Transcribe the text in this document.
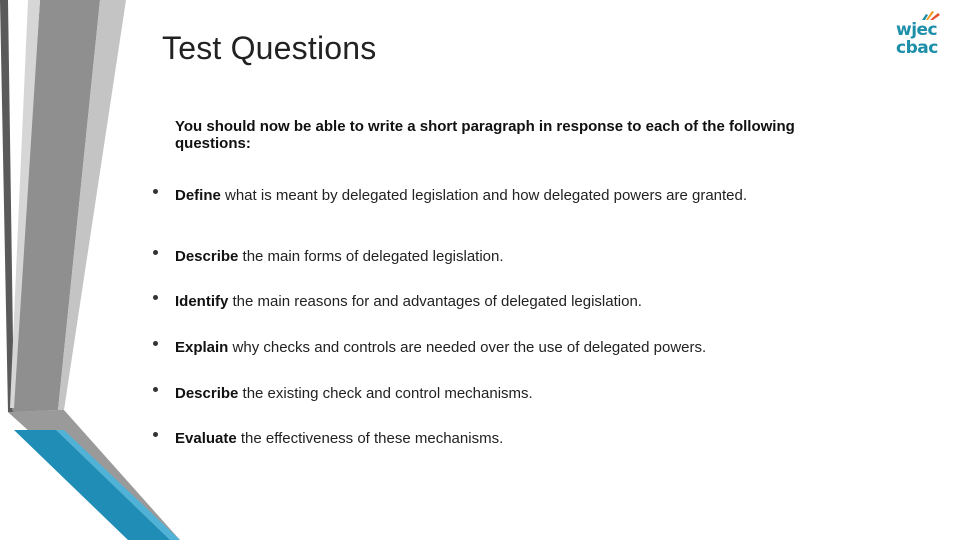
Test Questions	wjec
cbac

You should now be able to write a short paragraph in response to each of the following questions:

Define what is meant by delegated legislation and how delegated powers are granted.
Describe the main forms of delegated legislation.
Identify the main reasons for and advantages of delegated legislation.
Explain why checks and controls are needed over the use of delegated powers.
Describe the existing check and control mechanisms.
Evaluate the effectiveness of these mechanisms.
